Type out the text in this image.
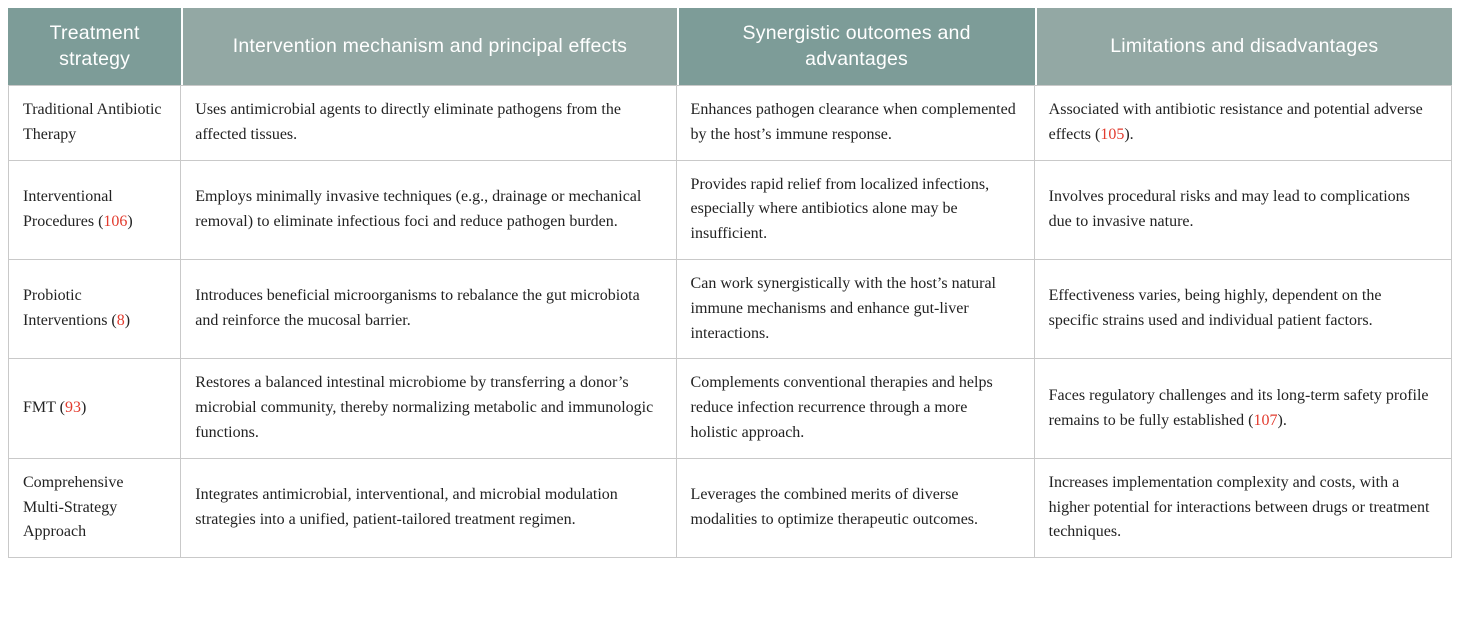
Treatment strategy	Intervention mechanism and principal effects	Synergistic outcomes and advantages	Limitations and disadvantages
Traditional Antibiotic Therapy	Uses antimicrobial agents to directly eliminate pathogens from the affected tissues.	Enhances pathogen clearance when complemented by the host’s immune response.	Associated with antibiotic resistance and potential adverse effects (105).
Interventional Procedures (106)	Employs minimally invasive techniques (e.g., drainage or mechanical removal) to eliminate infectious foci and reduce pathogen burden.	Provides rapid relief from localized infections, especially where antibiotics alone may be insufficient.	Involves procedural risks and may lead to complications due to invasive nature.
Probiotic Interventions (8)	Introduces beneficial microorganisms to rebalance the gut microbiota and reinforce the mucosal barrier.	Can work synergistically with the host’s natural immune mechanisms and enhance gut-liver interactions.	Effectiveness varies, being highly, dependent on the specific strains used and individual patient factors.
FMT (93)	Restores a balanced intestinal microbiome by transferring a donor’s microbial community, thereby normalizing metabolic and immunologic functions.	Complements conventional therapies and helps reduce infection recurrence through a more holistic approach.	Faces regulatory challenges and its long-term safety profile remains to be fully established (107).
Comprehensive Multi-Strategy Approach	Integrates antimicrobial, interventional, and microbial modulation strategies into a unified, patient-tailored treatment regimen.	Leverages the combined merits of diverse modalities to optimize therapeutic outcomes.	Increases implementation complexity and costs, with a higher potential for interactions between drugs or treatment techniques.
